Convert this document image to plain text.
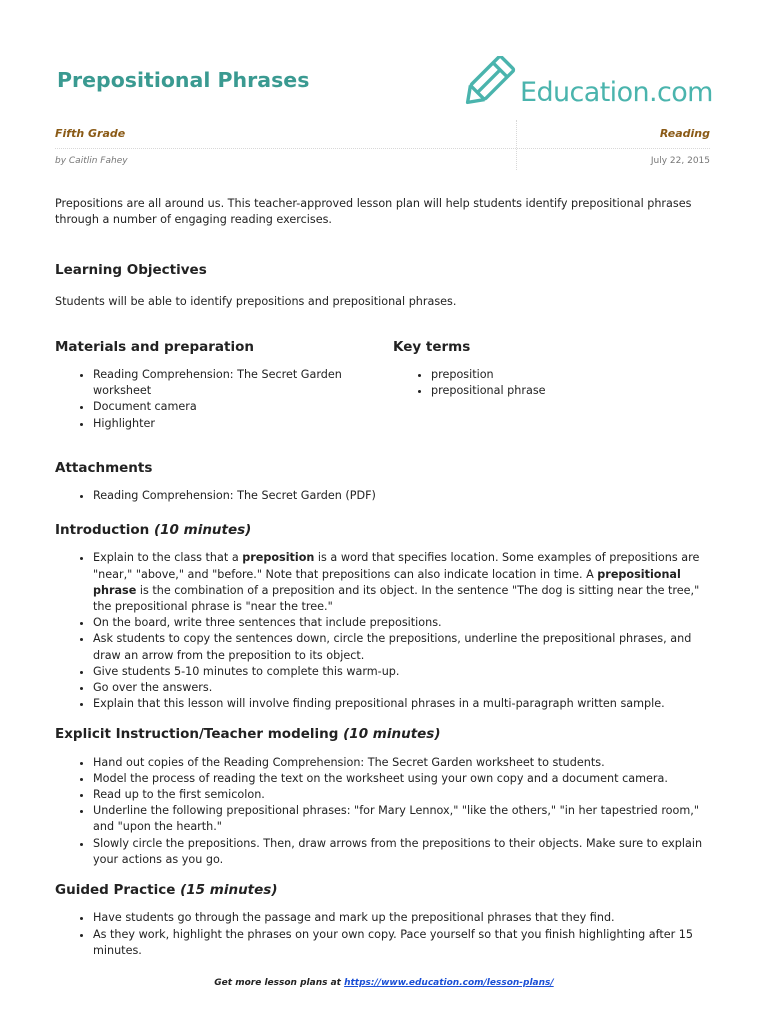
Prepositional Phrases	Education.com
Fifth Grade	Reading
by Caitlin Fahey	July 22, 2015

Prepositions are all around us. This teacher-approved lesson plan will help students identify prepositional phrases through a number of engaging reading exercises.

Learning Objectives

Students will be able to identify prepositions and prepositional phrases.

Materials and preparation
• Reading Comprehension: The Secret Garden worksheet
• Document camera
• Highlighter
Key terms
• preposition
• prepositional phrase
Attachments
• Reading Comprehension: The Secret Garden (PDF)
Introduction (10 minutes)
• Explain to the class that a preposition is a word that specifies location. Some examples of prepositions are "near," "above," and "before." Note that prepositions can also indicate location in time. A prepositional phrase is the combination of a preposition and its object. In the sentence "The dog is sitting near the tree," the prepositional phrase is "near the tree."
• On the board, write three sentences that include prepositions.
• Ask students to copy the sentences down, circle the prepositions, underline the prepositional phrases, and draw an arrow from the preposition to its object.
• Give students 5-10 minutes to complete this warm-up.
• Go over the answers.
• Explain that this lesson will involve finding prepositional phrases in a multi-paragraph written sample.
Explicit Instruction/Teacher modeling (10 minutes)
• Hand out copies of the Reading Comprehension: The Secret Garden worksheet to students.
• Model the process of reading the text on the worksheet using your own copy and a document camera.
• Read up to the first semicolon.
• Underline the following prepositional phrases: "for Mary Lennox," "like the others," "in her tapestried room," and "upon the hearth."
• Slowly circle the prepositions. Then, draw arrows from the prepositions to their objects. Make sure to explain your actions as you go.
Guided Practice (15 minutes)
• Have students go through the passage and mark up the prepositional phrases that they find.
• As they work, highlight the phrases on your own copy. Pace yourself so that you finish highlighting after 15 minutes.
Get more lesson plans at https://www.education.com/lesson-plans/
